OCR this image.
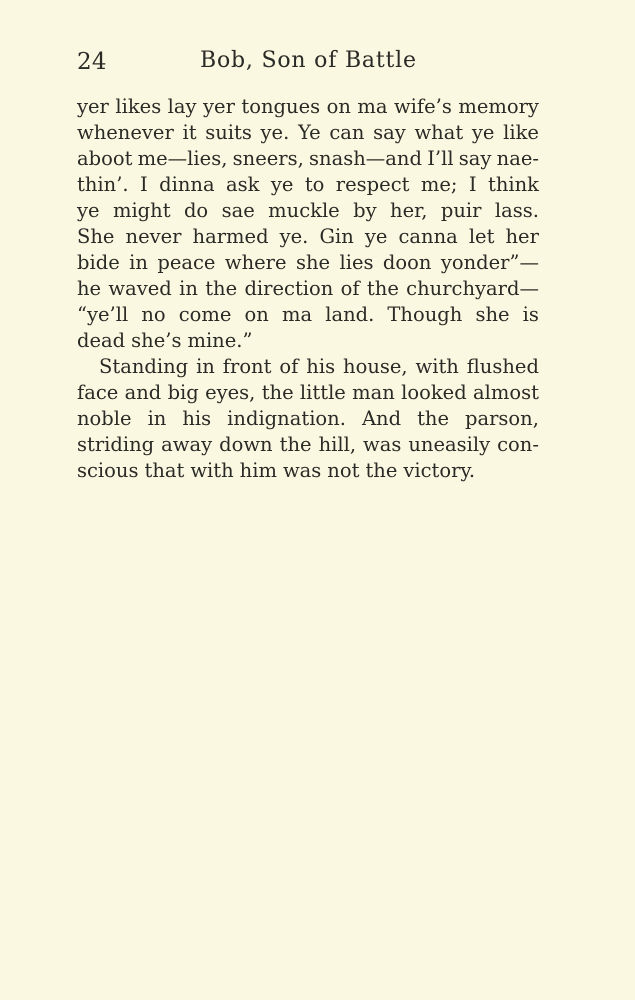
24	Bob, Son of Battle
yer likes lay yer tongues on ma wife’s memory
whenever it suits ye. Ye can say what ye like
aboot me—lies, sneers, snash—and I’ll say nae-
thin’. I dinna ask ye to respect me; I think
ye might do sae muckle by her, puir lass.
She never harmed ye. Gin ye canna let her
bide in peace where she lies doon yonder”—
he waved in the direction of the churchyard—
“ye’ll no come on ma land. Though she is
dead she’s mine.”
Standing in front of his house, with flushed
face and big eyes, the little man looked almost
noble in his indignation. And the parson,
striding away down the hill, was uneasily con-
scious that with him was not the victory.
